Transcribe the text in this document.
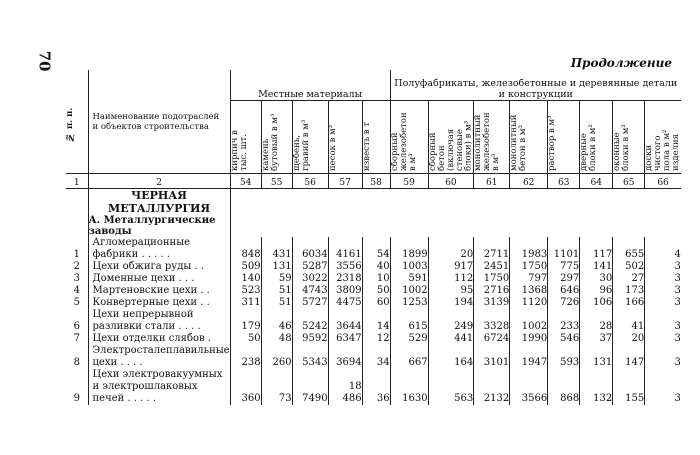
70	Продолжение
№ п. п.	Наименование подотраслей и объектов строительства	Местные материалы					Полуфабрикаты, железобетонные и деревянные детали и конструкции							

		кирпич в тыс. шт.	камень бутовый в м³	щебень, гравий в м³	песок в м³	известь в т	сборный железобетон в м³	сборный бетон (включая стеновые блоки) в м³	монолитный железобетон в м³	монолитный бетон в м³	раствор в м³	дверные блоки в м²	оконные блоки в м²	доски чистого пола в м² изделия

1	2	54	55	56	57	58	59	60	61	62	63	64	65	66
	ЧЕРНАЯ МЕТАЛЛУРГИЯ													
	А. Металлургические заводы													
1	Агломерационные фабрики . . . . .	848	431	6034	4161	54	1899	20	2711	1983	1101	117	655	4
2	Цехи обжига руды . .	509	131	5287	3556	40	1003	917	2451	1750	775	141	502	3
3	Доменные цехи . . .	140	59	3022	2318	10	591	112	1750	797	297	30	27	3
4	Мартеновские цехи . .	523	51	4743	3809	50	1002	95	2716	1368	646	96	173	3
5	Конвертерные цехи . .	311	51	5727	4475	60	1253	194	3139	1120	726	106	166	3
6	Цехи непрерывной разливки стали . . . .	179	46	5242	3644	14	615	249	3328	1002	233	28	41	3
7	Цехи отделки слябов .	50	48	9592	6347	12	529	441	6724	1990	546	37	20	3
8	Электросталеплавильные цехи . . . .	238	260	5343	3694	34	667	164	3101	1947	593	131	147	3
9	Цехи электровакуумных и электрошлаковых печей . . . . .	360	73	7490	18 486	36	1630	563	2132	3566	868	132	155	3
